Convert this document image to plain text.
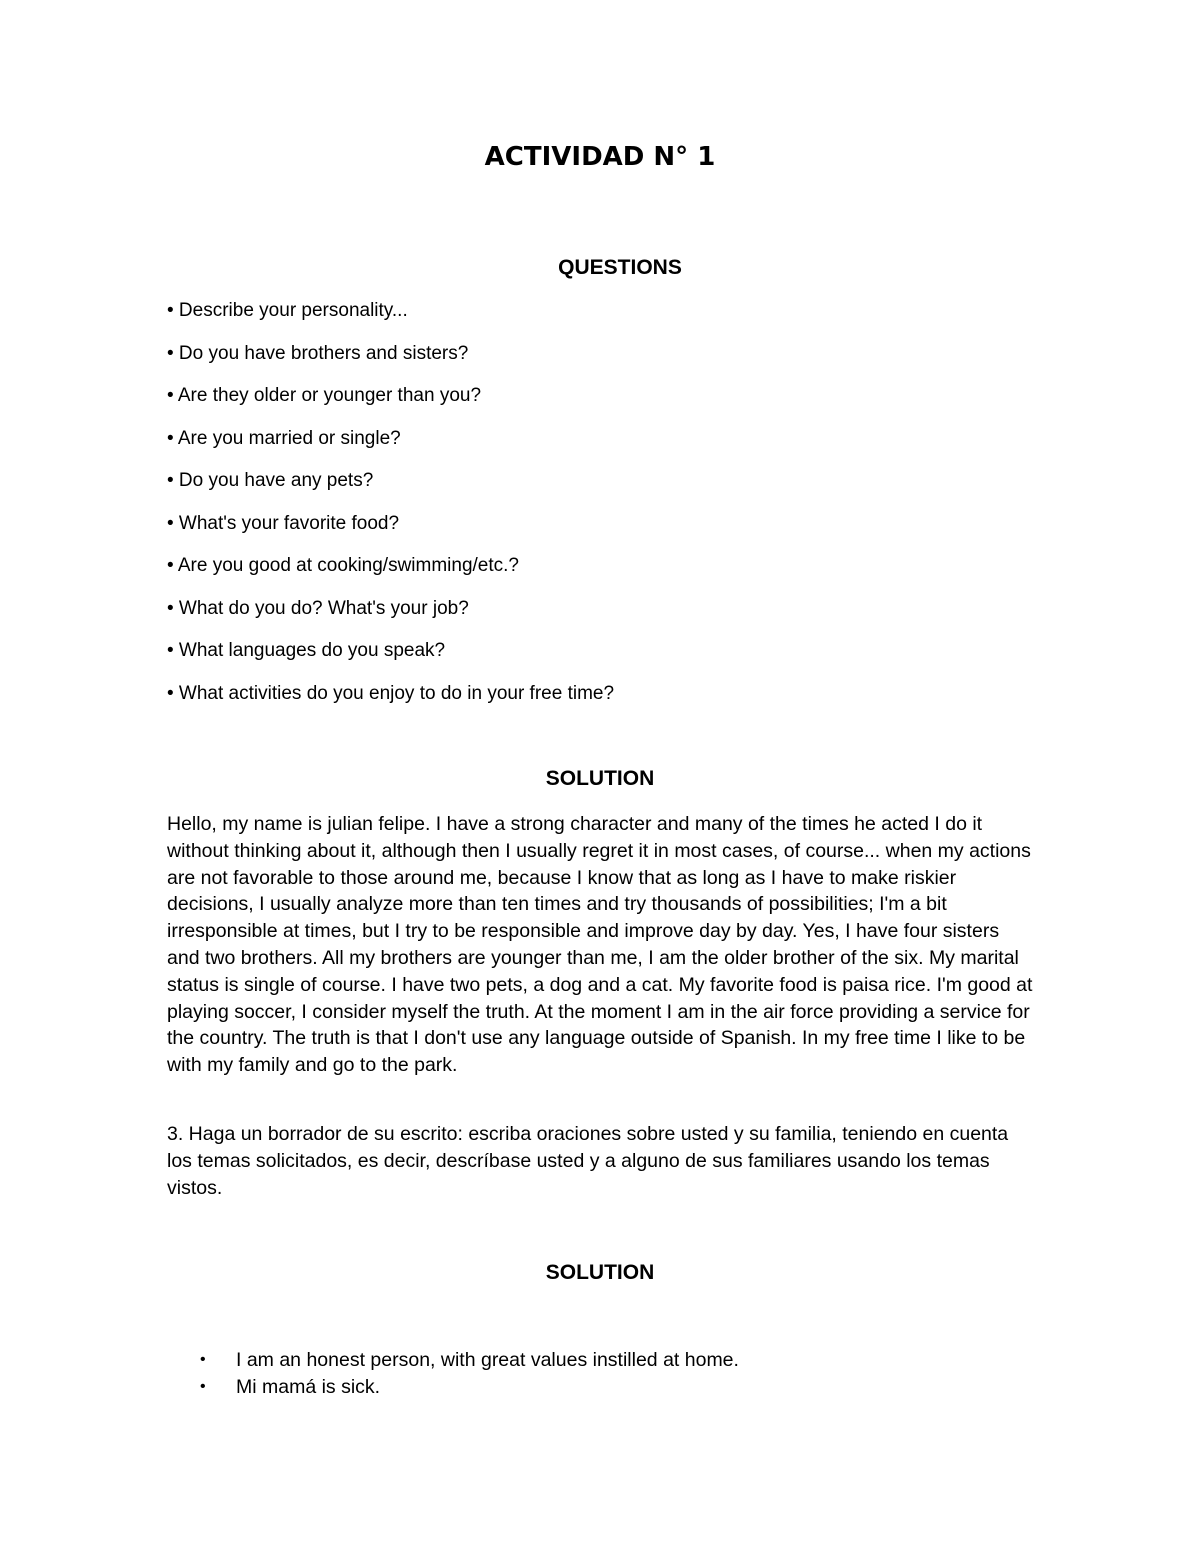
ACTIVIDAD N° 1
QUESTIONS
• Describe your personality...
• Do you have brothers and sisters?
• Are they older or younger than you?
• Are you married or single?
• Do you have any pets?
• What's your favorite food?
• Are you good at cooking/swimming/etc.?
• What do you do? What's your job?
• What languages do you speak?
• What activities do you enjoy to do in your free time?
SOLUTION

Hello, my name is julian felipe. I have a strong character and many of the times he acted I do it without thinking about it, although then I usually regret it in most cases, of course... when my actions are not favorable to those around me, because I know that as long as I have to make riskier decisions, I usually analyze more than ten times and try thousands of possibilities; I'm a bit irresponsible at times, but I try to be responsible and improve day by day. Yes, I have four sisters and two brothers. All my brothers are younger than me, I am the older brother of the six. My marital status is single of course. I have two pets, a dog and a cat. My favorite food is paisa rice. I'm good at playing soccer, I consider myself the truth. At the moment I am in the air force providing a service for the country. The truth is that I don't use any language outside of Spanish. In my free time I like to be with my family and go to the park.

3. Haga un borrador de su escrito: escriba oraciones sobre usted y su familia, teniendo en cuenta los temas solicitados, es decir, descríbase usted y a alguno de sus familiares usando los temas vistos.

SOLUTION
• I am an honest person, with great values instilled at home.
• Mi mamá is sick.
